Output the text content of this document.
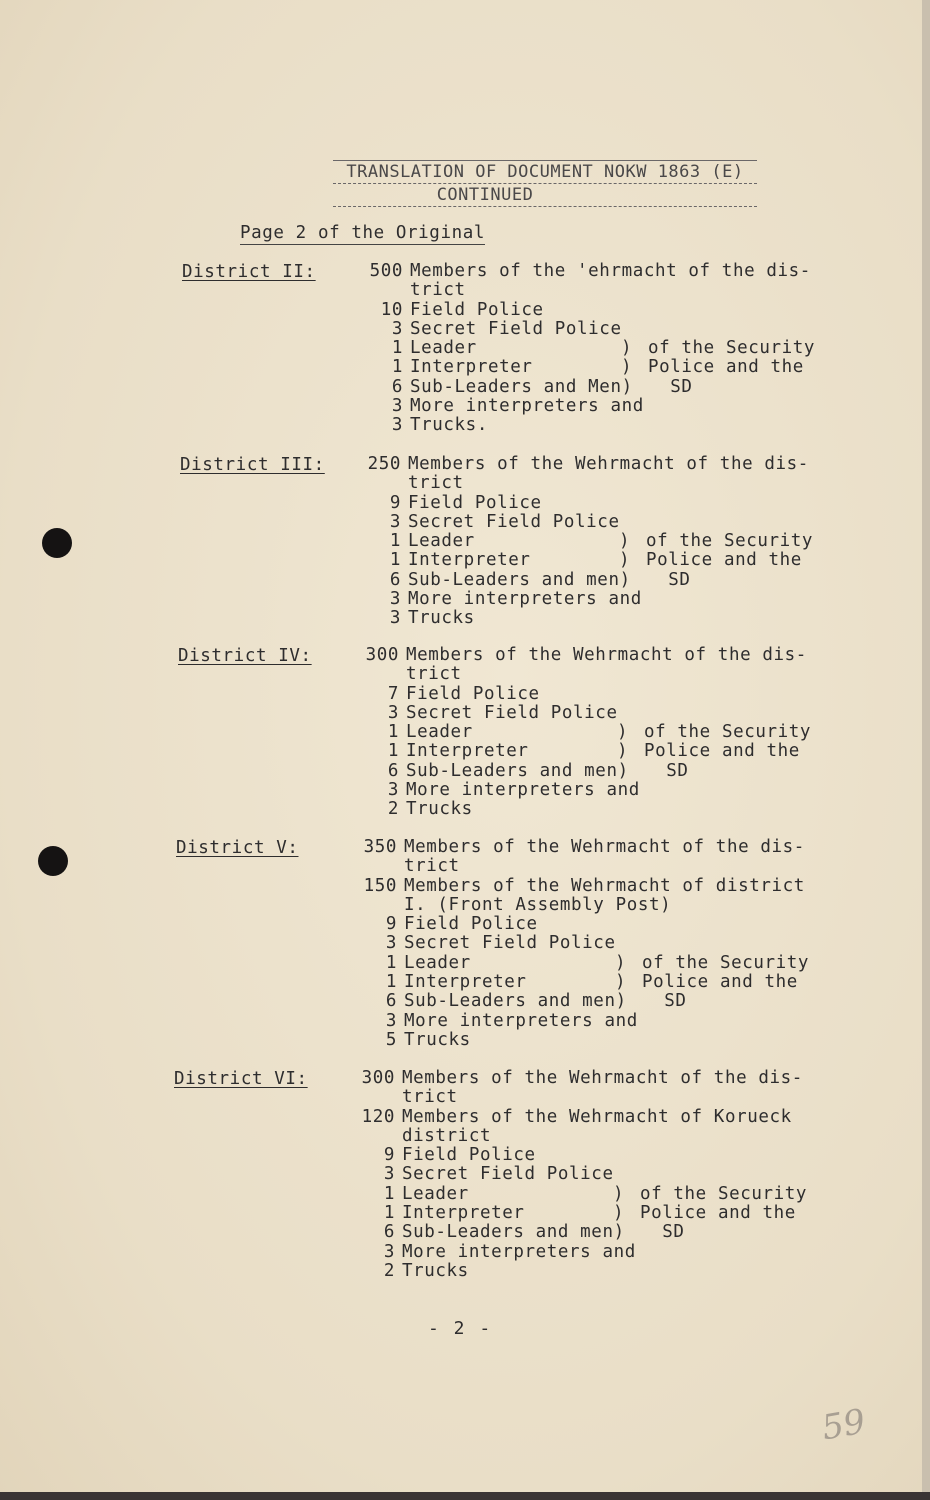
TRANSLATION OF DOCUMENT NOKW 1863 (E)
CONTINUED
Page 2 of the Original
District II:	500 Members of the 'ehrmacht of the dis-
trict
10 Field Police
3 Secret Field Police
1 Leader	) of the Security
1 Interpreter	) Police and the
6 Sub-Leaders and Men) SD
3 More interpreters and
3 Trucks.
District III:	250 Members of the Wehrmacht of the dis-
trict
9 Field Police
3 Secret Field Police
1 Leader	) of the Security
1 Interpreter	) Police and the
6 Sub-Leaders and men) SD
3 More interpreters and
3 Trucks
District IV:	300 Members of the Wehrmacht of the dis-
trict
7 Field Police
3 Secret Field Police
1 Leader	) of the Security
1 Interpreter	) Police and the
6 Sub-Leaders and men) SD
3 More interpreters and
2 Trucks
District V:	350 Members of the Wehrmacht of the dis-
trict
150 Members of the Wehrmacht of district
I. (Front Assembly Post)
9 Field Police
3 Secret Field Police
1 Leader	) of the Security
1 Interpreter	) Police and the
6 Sub-Leaders and men) SD
3 More interpreters and
5 Trucks
District VI:	300 Members of the Wehrmacht of the dis-
trict
120 Members of the Wehrmacht of Korueck
district
9 Field Police
3 Secret Field Police
1 Leader	) of the Security
1 Interpreter	) Police and the
6 Sub-Leaders and men) SD
3 More interpreters and
2 Trucks
- 2 -
59
